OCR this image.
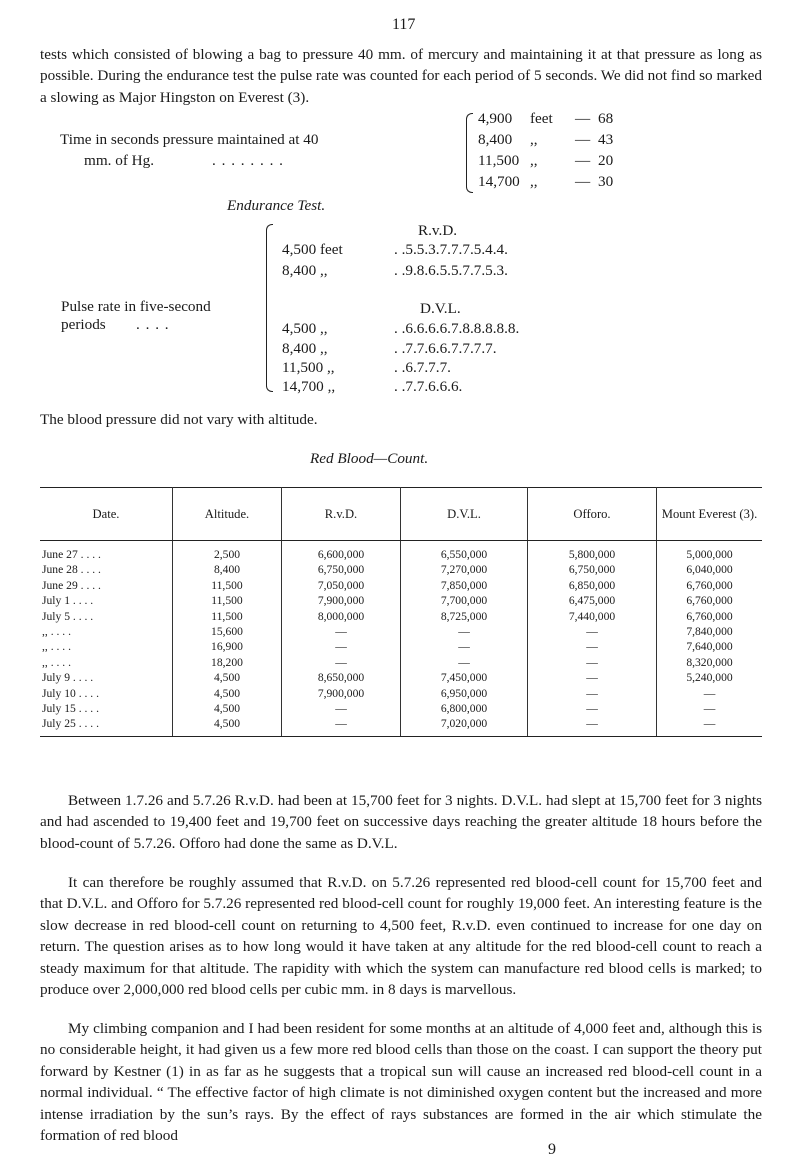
117
tests which consisted of blowing a bag to pressure 40 mm. of mercury and maintaining it at that pressure as long as possible. During the endurance test the pulse rate was counted for each period of 5 seconds. We did not find so marked a slowing as Major Hingston on Everest (3).
Time in seconds pressure maintained at 40
mm. of Hg.	. . . . . . . .
4,900 feet — 68
8,400 ,, — 43
11,500 ,, — 20
14,700 ,, — 30
Endurance Test.
Pulse rate in five-second
periods . . . .
R.v.D.
4,500 feet	. .5.5.3.7.7.7.5.4.4.
8,400 ,,	. .9.8.6.5.5.7.7.5.3.
D.V.L.
4,500 ,,	. .6.6.6.6.7.8.8.8.8.8.
8,400 ,,	. .7.7.6.6.7.7.7.7.
11,500 ,,	. .6.7.7.7.
14,700 ,,	. .7.7.6.6.6.
The blood pressure did not vary with altitude.
Red Blood—Count.
Date.	Altitude.	R.v.D.	D.V.L.	Offoro.	Mount Everest (3).
June 27 . . . .	2,500	6,600,000	6,550,000	5,800,000	5,000,000
June 28 . . . .	8,400	6,750,000	7,270,000	6,750,000	6,040,000
June 29 . . . .	11,500	7,050,000	7,850,000	6,850,000	6,760,000
July 1 . . . .	11,500	7,900,000	7,700,000	6,475,000	6,760,000
July 5 . . . .	11,500	8,000,000	8,725,000	7,440,000	6,760,000
,, . . . .	15,600	—	—	—	7,840,000
,, . . . .	16,900	—	—	—	7,640,000
,, . . . .	18,200	—	—	—	8,320,000
July 9 . . . .	4,500	8,650,000	7,450,000	—	5,240,000
July 10 . . . .	4,500	7,900,000	6,950,000	—	—
July 15 . . . .	4,500	—	6,800,000	—	—
July 25 . . . .	4,500	—	7,020,000	—	—
Between 1.7.26 and 5.7.26 R.v.D. had been at 15,700 feet for 3 nights. D.V.L. had slept at 15,700 feet for 3 nights and had ascended to 19,400 feet and 19,700 feet on successive days reaching the greater altitude 18 hours before the blood-count of 5.7.26. Offoro had done the same as D.V.L.
It can therefore be roughly assumed that R.v.D. on 5.7.26 represented red blood-cell count for 15,700 feet and that D.V.L. and Offoro for 5.7.26 represented red blood-cell count for roughly 19,000 feet. An interesting feature is the slow decrease in red blood-cell count on returning to 4,500 feet, R.v.D. even continued to increase for one day on return. The question arises as to how long would it have taken at any altitude for the red blood-cell count to reach a steady maximum for that altitude. The rapidity with which the system can manufacture red blood cells is marked; to produce over 2,000,000 red blood cells per cubic mm. in 8 days is marvellous.
My climbing companion and I had been resident for some months at an altitude of 4,000 feet and, although this is no considerable height, it had given us a few more red blood cells than those on the coast. I can support the theory put forward by Kestner (1) in as far as he suggests that a tropical sun will cause an increased red blood-cell count in a normal individual. “ The effective factor of high climate is not diminished oxygen content but the increased and more intense irradiation by the sun’s rays. By the effect of rays substances are formed in the air which stimulate the formation of red blood
9
